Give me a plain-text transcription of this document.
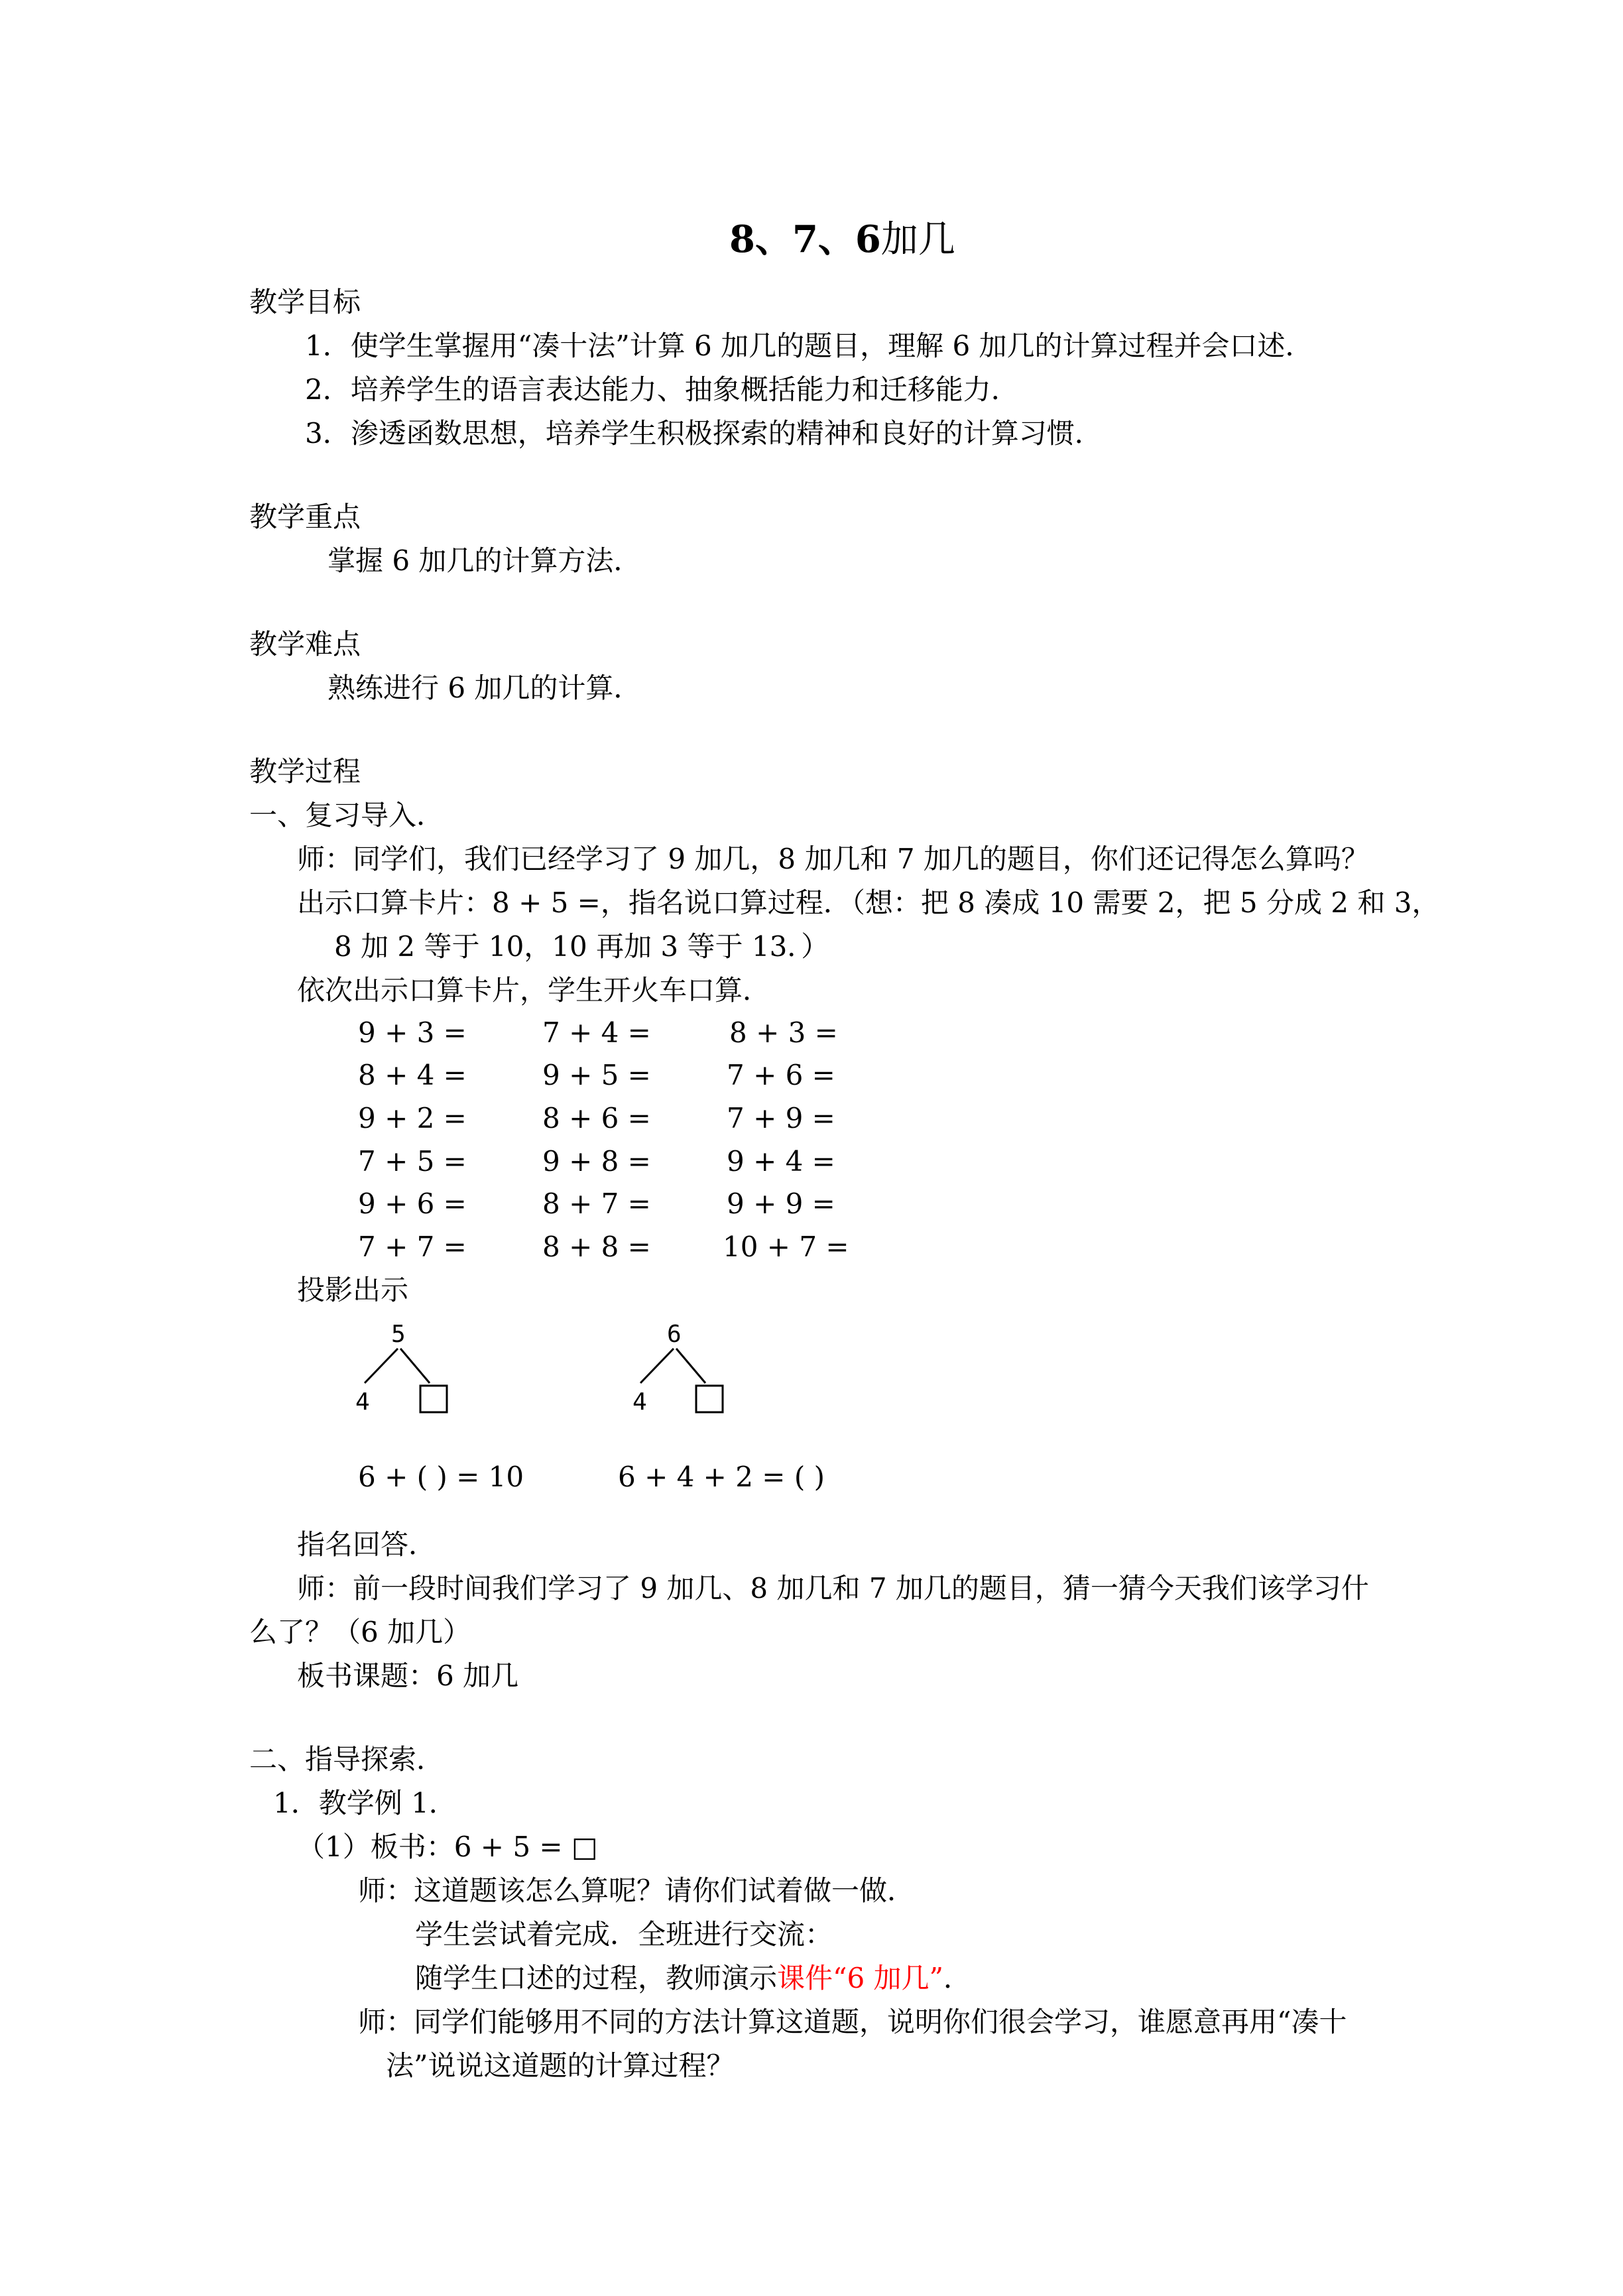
8、7、6加几
教学目标
1．使学生掌握用“凑十法”计算 6 加几的题目，理解 6 加几的计算过程并会口述．
2．培养学生的语言表达能力、抽象概括能力和迁移能力．
3．渗透函数思想，培养学生积极探索的精神和良好的计算习惯．
教学重点
掌握 6 加几的计算方法．
教学难点
熟练进行 6 加几的计算．
教学过程
一、复习导入．
师：同学们，我们已经学习了 9 加几，8 加几和 7 加几的题目，你们还记得怎么算吗？
出示口算卡片：8 + 5 =，指名说口算过程．（想：把 8 凑成 10 需要 2，把 5 分成 2 和 3，
8 加 2 等于 10，10 再加 3 等于 13．）
依次出示口算卡片，学生开火车口算．
9 + 3 =	7 + 4 =	8 + 3 =
8 + 4 =	9 + 5 =	7 + 6 =
9 + 2 =	8 + 6 =	7 + 9 =
7 + 5 =	9 + 8 =	9 + 4 =
9 + 6 =	8 + 7 =	9 + 9 =
7 + 7 =	8 + 8 =	10 + 7 =
投影出示
5
4
6
4
6 + ( ) = 10	6 + 4 + 2 = ( )
指名回答．
师：前一段时间我们学习了 9 加几、8 加几和 7 加几的题目，猜一猜今天我们该学习什
么了？（6 加几）
板书课题：6 加几
二、指导探索．
1．教学例 1．
（1）板书：6 + 5 = □
师：这道题该怎么算呢？请你们试着做一做．
学生尝试着完成．全班进行交流：
随学生口述的过程，教师演示课件“6 加几”．
师：同学们能够用不同的方法计算这道题，说明你们很会学习，谁愿意再用“凑十
法”说说这道题的计算过程？
